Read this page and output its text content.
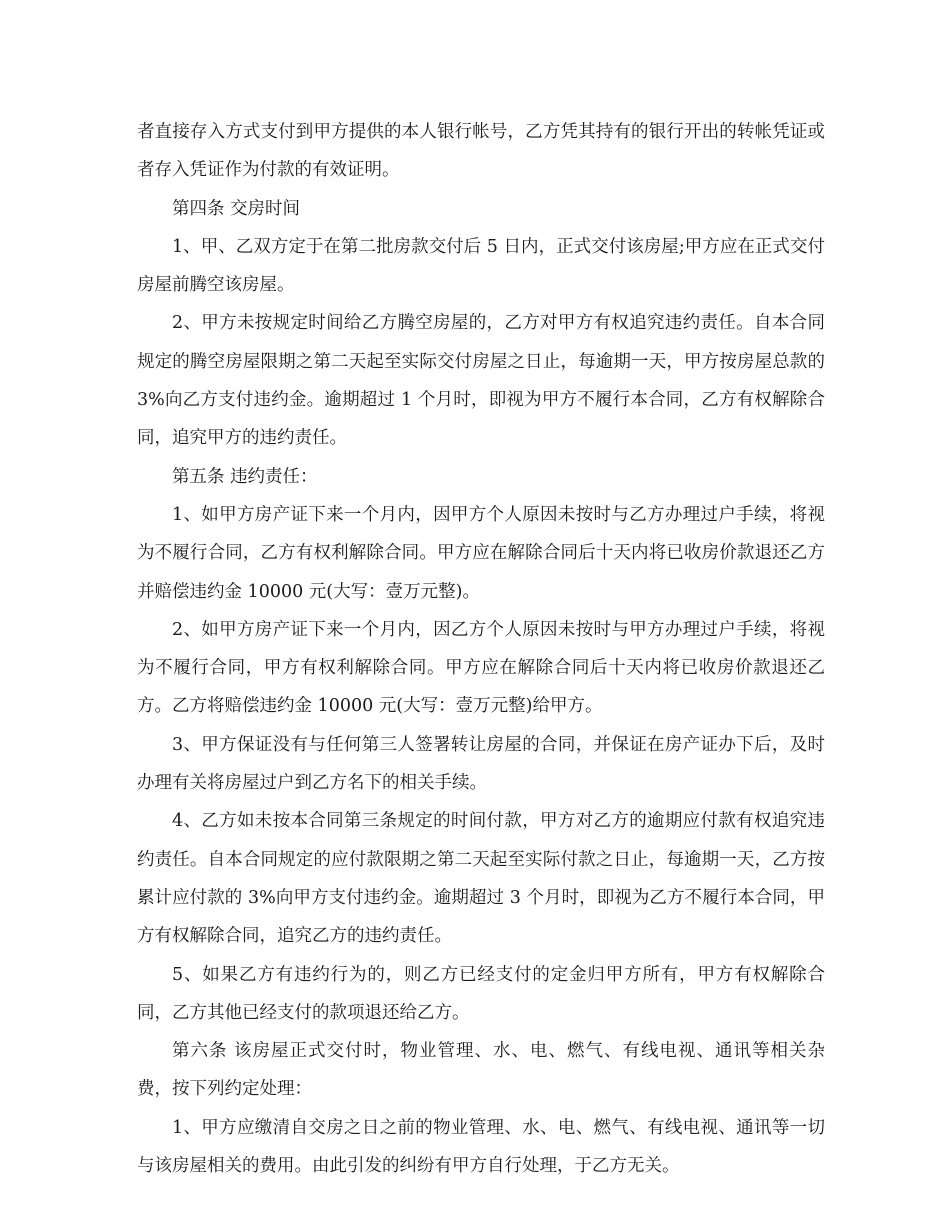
者直接存入方式支付到甲方提供的本人银行帐号，乙方凭其持有的银行开出的转帐凭证或者存入凭证作为付款的有效证明。

第四条 交房时间

1、甲、乙双方定于在第二批房款交付后 5 日内，正式交付该房屋;甲方应在正式交付房屋前腾空该房屋。

2、甲方未按规定时间给乙方腾空房屋的，乙方对甲方有权追究违约责任。自本合同规定的腾空房屋限期之第二天起至实际交付房屋之日止，每逾期一天，甲方按房屋总款的 3%向乙方支付违约金。逾期超过 1 个月时，即视为甲方不履行本合同，乙方有权解除合同，追究甲方的违约责任。

第五条 违约责任：

1、如甲方房产证下来一个月内，因甲方个人原因未按时与乙方办理过户手续，将视为不履行合同，乙方有权利解除合同。甲方应在解除合同后十天内将已收房价款退还乙方并赔偿违约金 10000 元(大写：壹万元整)。

2、如甲方房产证下来一个月内，因乙方个人原因未按时与甲方办理过户手续，将视为不履行合同，甲方有权利解除合同。甲方应在解除合同后十天内将已收房价款退还乙方。乙方将赔偿违约金 10000 元(大写：壹万元整)给甲方。

3、甲方保证没有与任何第三人签署转让房屋的合同，并保证在房产证办下后，及时办理有关将房屋过户到乙方名下的相关手续。

4、乙方如未按本合同第三条规定的时间付款，甲方对乙方的逾期应付款有权追究违约责任。自本合同规定的应付款限期之第二天起至实际付款之日止，每逾期一天，乙方按累计应付款的 3%向甲方支付违约金。逾期超过 3 个月时，即视为乙方不履行本合同，甲方有权解除合同，追究乙方的违约责任。

5、如果乙方有违约行为的，则乙方已经支付的定金归甲方所有，甲方有权解除合同，乙方其他已经支付的款项退还给乙方。

第六条 该房屋正式交付时，物业管理、水、电、燃气、有线电视、通讯等相关杂费，按下列约定处理：

1、甲方应缴清自交房之日之前的物业管理、水、电、燃气、有线电视、通讯等一切与该房屋相关的费用。由此引发的纠纷有甲方自行处理，于乙方无关。
